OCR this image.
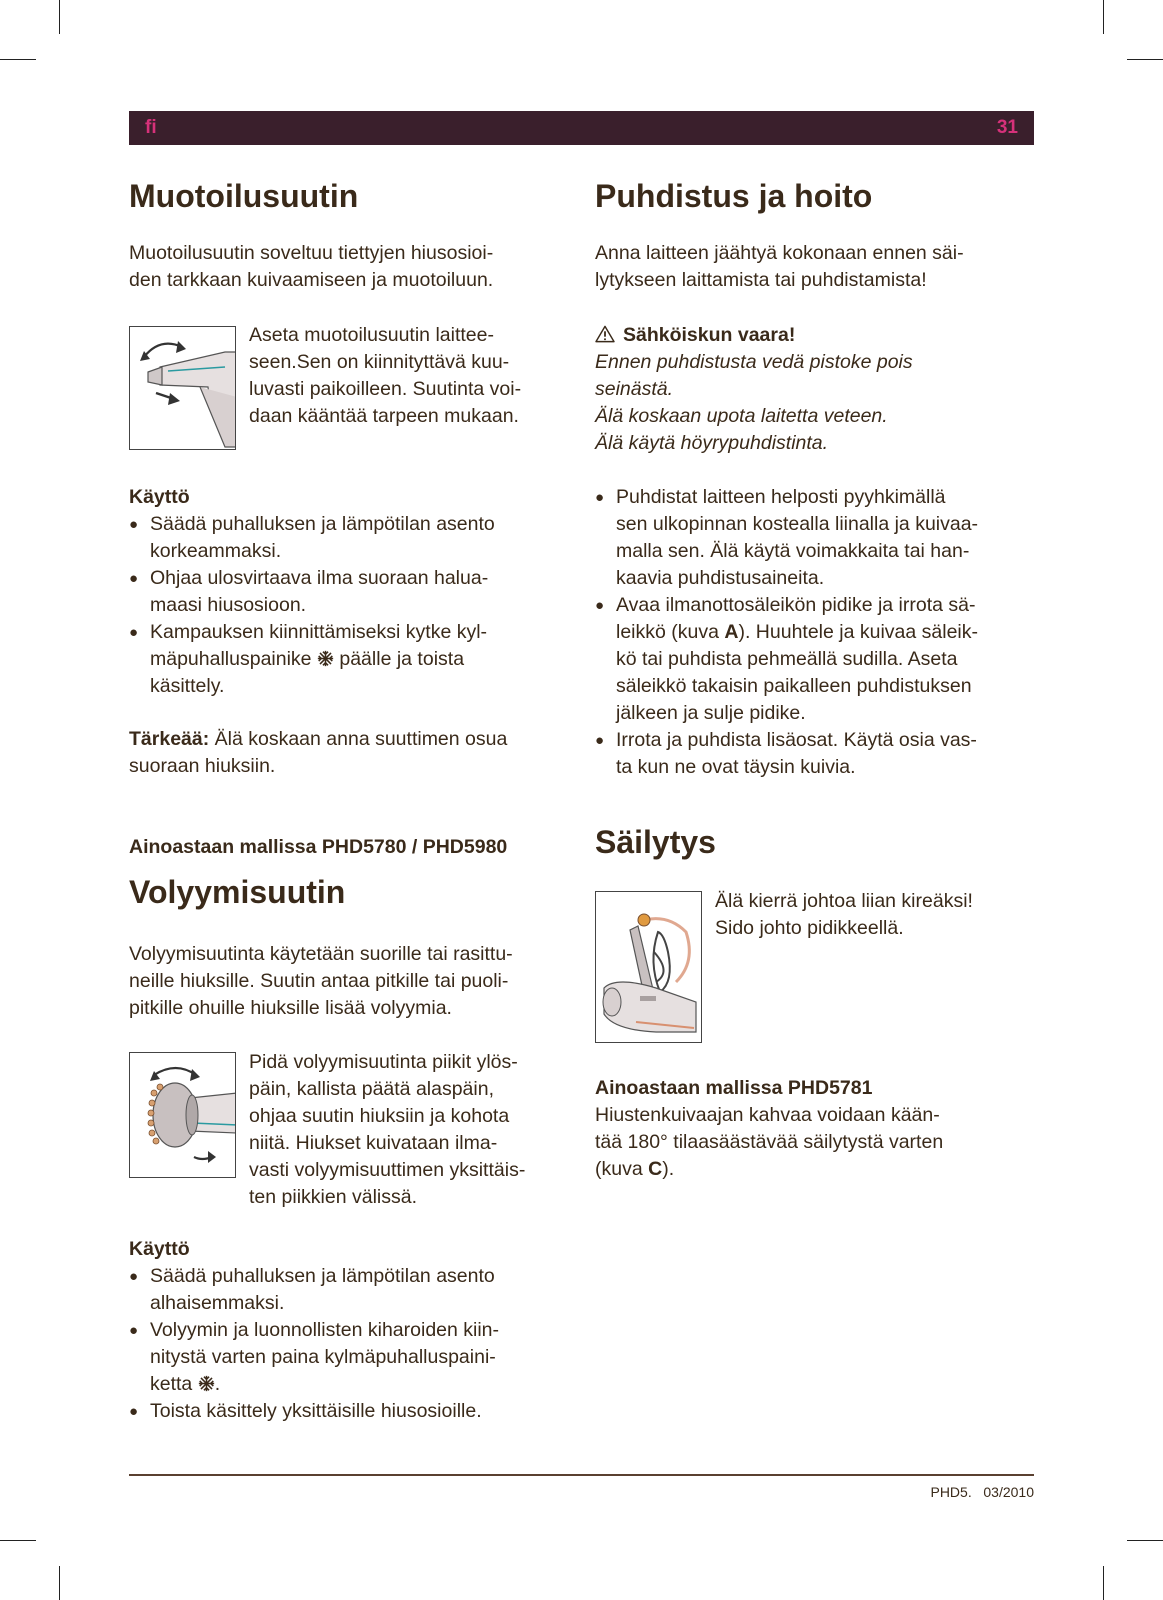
fi	31
Muotoilusuutin
Muotoilusuutin soveltuu tiettyjen hiusosioi-
den tarkkaan kuivaamiseen ja muotoiluun.
Aseta muotoilusuutin laittee-
seen.Sen on kiinnityttävä kuu-
luvasti paikoilleen. Suutinta voi-
daan kääntää tarpeen mukaan.
Käyttö
● Säädä puhalluksen ja lämpötilan asento
korkeammaksi.
● Ohjaa ulosvirtaava ilma suoraan halua-
maasi hiusosioon.
● Kampauksen kiinnittämiseksi kytke kyl-
mäpuhalluspainike  päälle ja toista
käsittely.
Tärkeää: Älä koskaan anna suuttimen osua
suoraan hiuksiin.
Ainoastaan mallissa PHD5780 / PHD5980
Volyymisuutin
Volyymisuutinta käytetään suorille tai rasittu-
neille hiuksille. Suutin antaa pitkille tai puoli-
pitkille ohuille hiuksille lisää volyymia.
Pidä volyymisuutinta piikit ylös-
päin, kallista päätä alaspäin,
ohjaa suutin hiuksiin ja kohota
niitä. Hiukset kuivataan ilma-
vasti volyymisuuttimen yksittäis-
ten piikkien välissä.
Käyttö
● Säädä puhalluksen ja lämpötilan asento
alhaisemmaksi.
● Volyymin ja luonnollisten kiharoiden kiin-
nitystä varten paina kylmäpuhalluspaini-
ketta .
● Toista käsittely yksittäisille hiusosioille.
Puhdistus ja hoito
Anna laitteen jäähtyä kokonaan ennen säi-
lytykseen laittamista tai puhdistamista!
Sähköiskun vaara!
Ennen puhdistusta vedä pistoke pois
seinästä.
Älä koskaan upota laitetta veteen.
Älä käytä höyrypuhdistinta.
● Puhdistat laitteen helposti pyyhkimällä
sen ulkopinnan kostealla liinalla ja kuivaa-
malla sen. Älä käytä voimakkaita tai han-
kaavia puhdistusaineita.
● Avaa ilmanottosäleikön pidike ja irrota sä-
leikkö (kuva A). Huuhtele ja kuivaa säleik-
kö tai puhdista pehmeällä sudilla. Aseta
säleikkö takaisin paikalleen puhdistuksen
jälkeen ja sulje pidike.
● Irrota ja puhdista lisäosat. Käytä osia vas-
ta kun ne ovat täysin kuivia.
Säilytys
Älä kierrä johtoa liian kireäksi!
Sido johto pidikkeellä.
Ainoastaan mallissa PHD5781
Hiustenkuivaajan kahvaa voidaan kään-
tää 180° tilaasäästävää säilytystä varten
(kuva C).
PHD5. 03/2010
